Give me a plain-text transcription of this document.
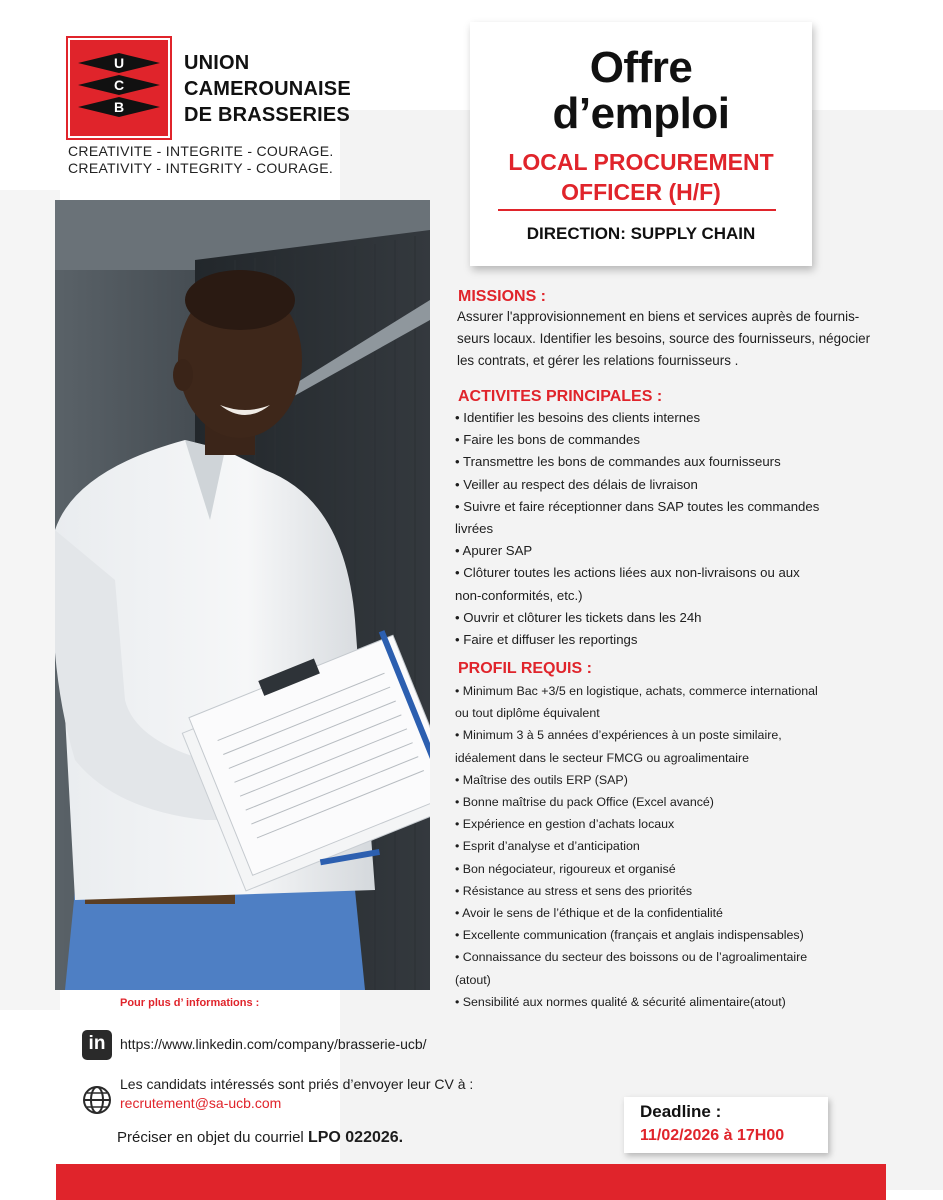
U
C
B
UNION
CAMEROUNAISE
DE BRASSERIES
CREATIVITE - INTEGRITE - COURAGE.
CREATIVITY - INTEGRITY - COURAGE.
Offre
d’emploi
LOCAL PROCUREMENT
OFFICER (H/F)
DIRECTION: SUPPLY CHAIN
MISSIONS :
Assurer l'approvisionnement en biens et services auprès de fournis-
seurs locaux. Identifier les besoins, source des fournisseurs, négocier
les contrats, et gérer les relations fournisseurs .
ACTIVITES PRINCIPALES :
• Identifier les besoins des clients internes
• Faire les bons de commandes
• Transmettre les bons de commandes aux fournisseurs
• Veiller au respect des délais de livraison
• Suivre et faire réceptionner dans SAP toutes les commandes
livrées
• Apurer SAP
• Clôturer toutes les actions liées aux non-livraisons ou aux
non-conformités, etc.)
• Ouvrir et clôturer les tickets dans les 24h
• Faire et diffuser les reportings
PROFIL REQUIS :
• Minimum Bac +3/5 en logistique, achats, commerce international
ou tout diplôme équivalent
• Minimum 3 à 5 années d’expériences à un poste similaire,
idéalement dans le secteur FMCG ou agroalimentaire
• Maîtrise des outils ERP (SAP)
• Bonne maîtrise du pack Office (Excel avancé)
• Expérience en gestion d’achats locaux
• Esprit d’analyse et d’anticipation
• Bon négociateur, rigoureux et organisé
• Résistance au stress et sens des priorités
• Avoir le sens de l’éthique et de la confidentialité
• Excellente communication (français et anglais indispensables)
• Connaissance du secteur des boissons ou de l’agroalimentaire
(atout)
• Sensibilité aux normes qualité & sécurité alimentaire(atout)
Pour plus d’ informations :
in	https://www.linkedin.com/company/brasserie-ucb/
Les candidats intéressés sont priés d’envoyer leur CV à :
recrutement@sa-ucb.com
Préciser en objet du courriel LPO 022026.
Deadline :
11/02/2026 à 17H00
